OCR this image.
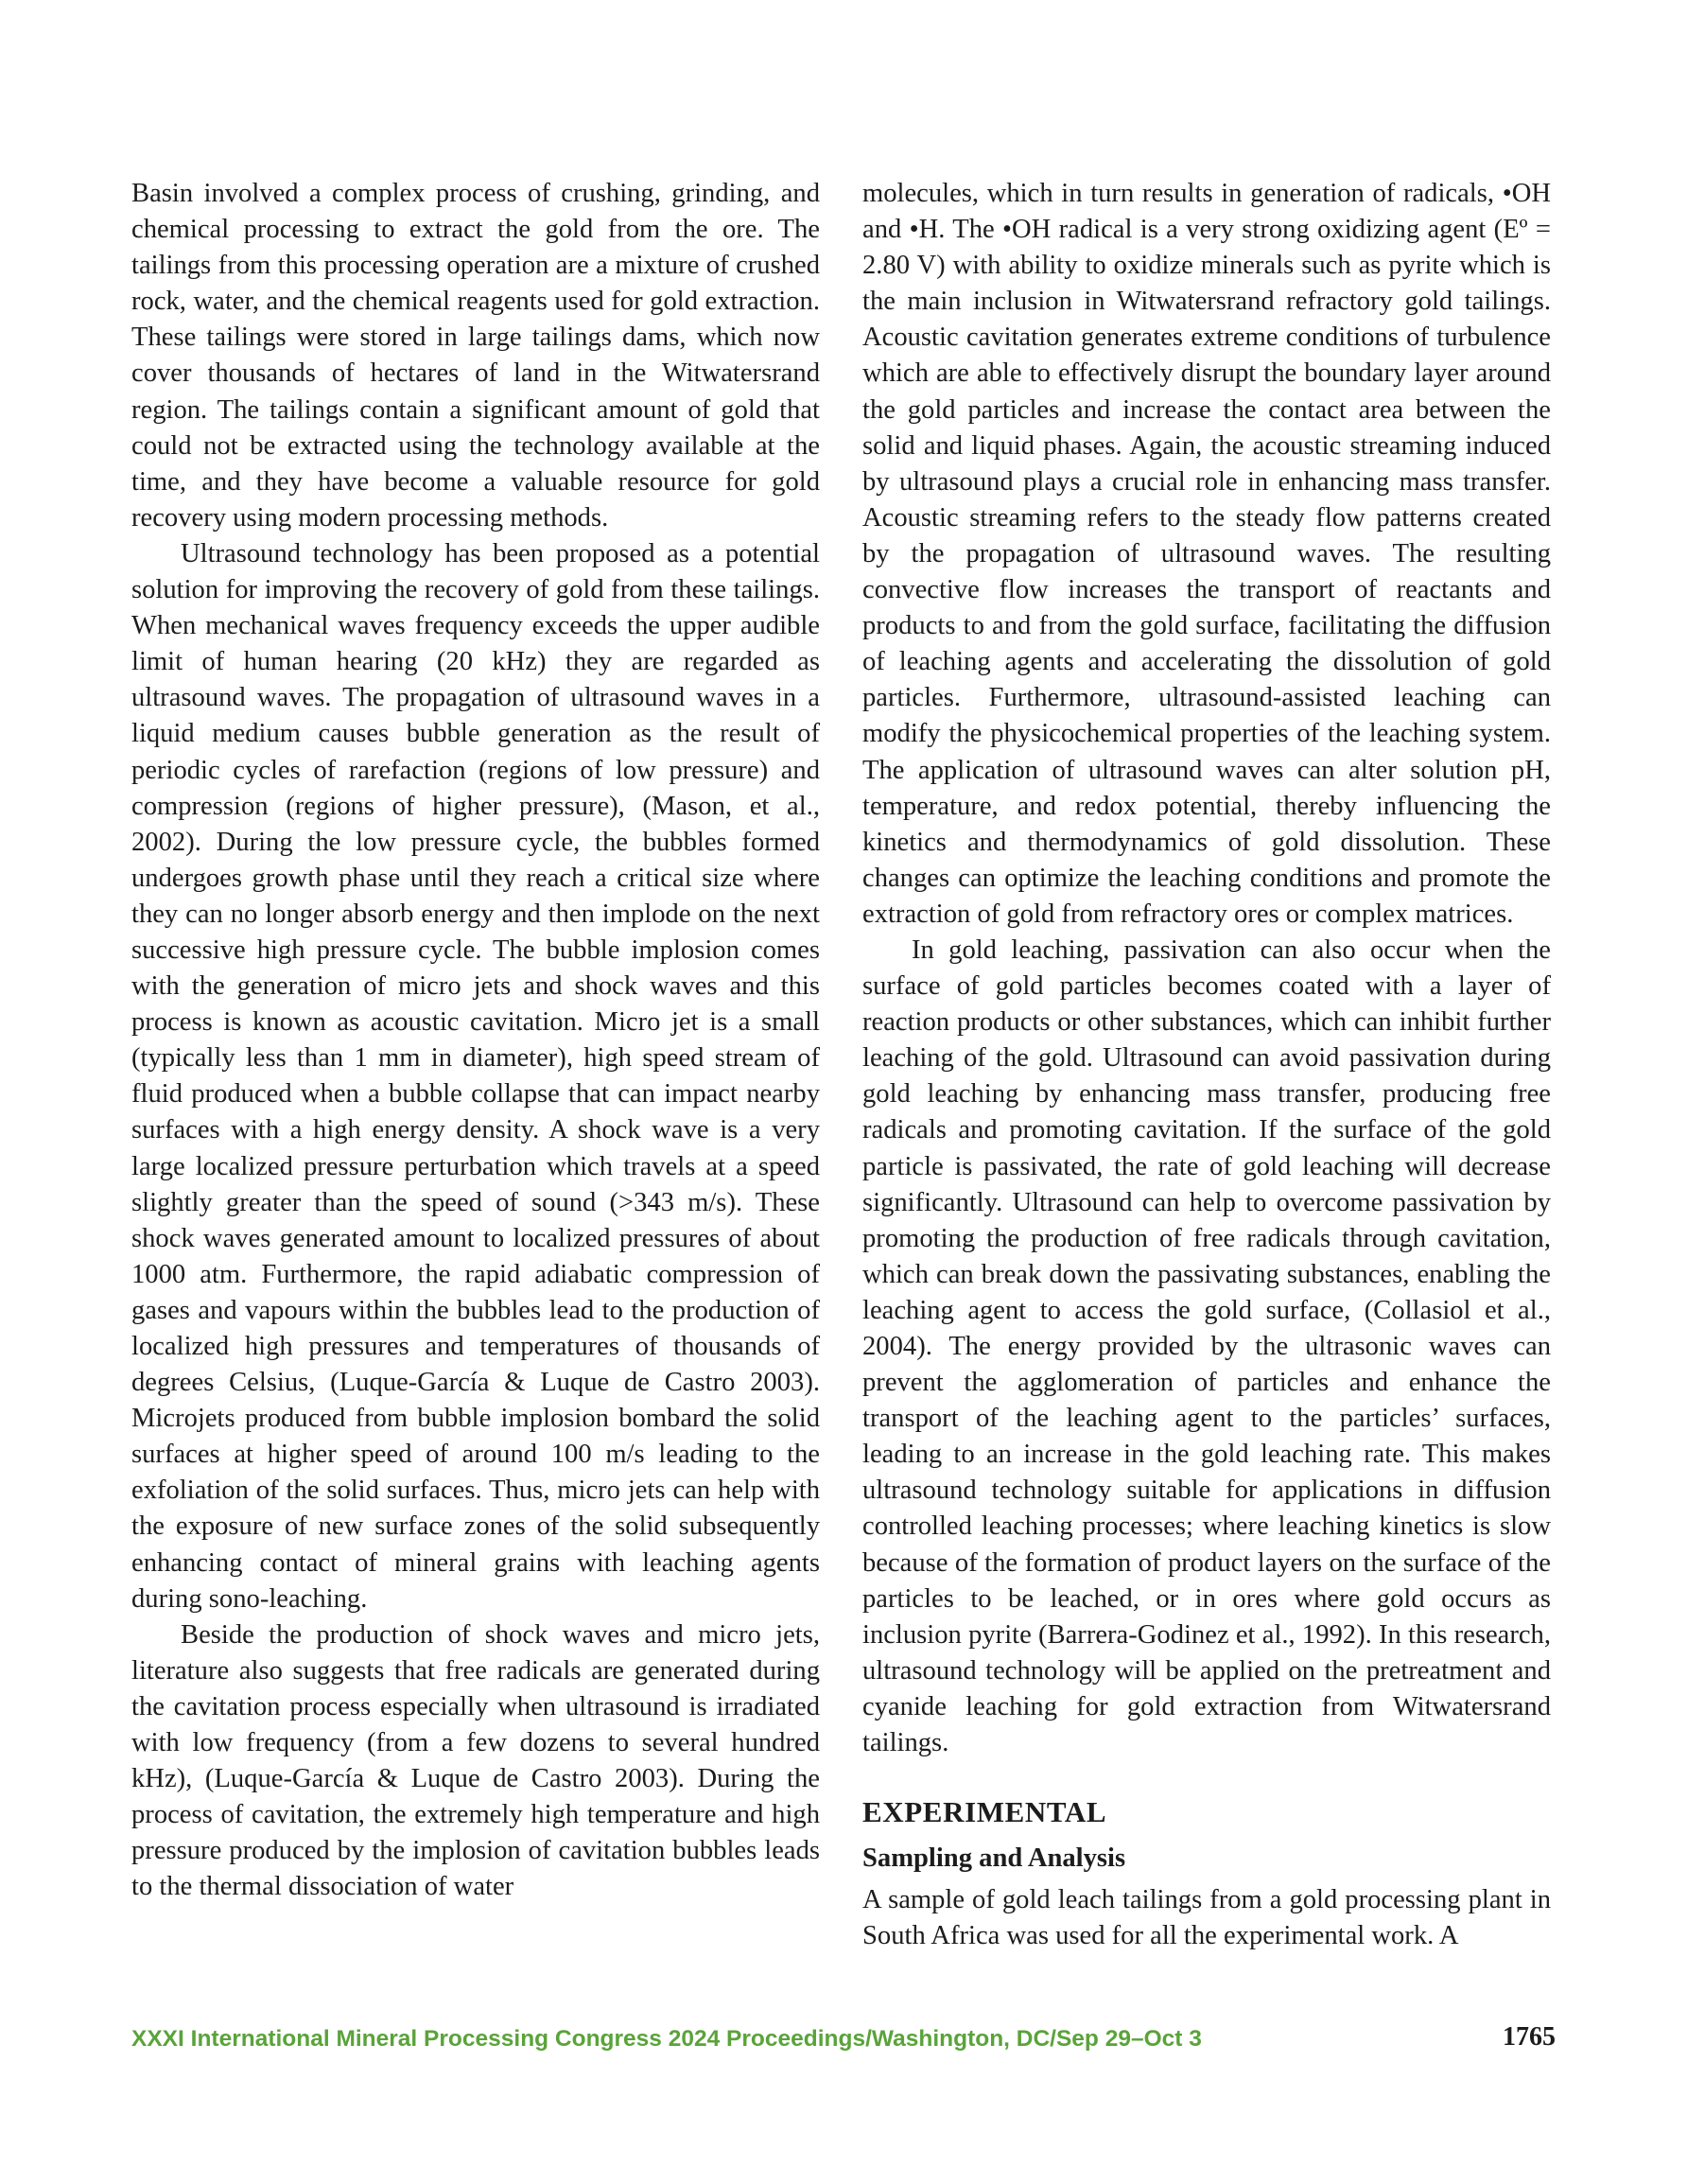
Basin involved a complex process of crushing, grinding, and chemical processing to extract the gold from the ore. The tailings from this processing operation are a mixture of crushed rock, water, and the chemical reagents used for gold extraction. These tailings were stored in large tailings dams, which now cover thousands of hectares of land in the Witwatersrand region. The tailings contain a significant amount of gold that could not be extracted using the technology available at the time, and they have become a valuable resource for gold recovery using modern processing methods.

Ultrasound technology has been proposed as a potential solution for improving the recovery of gold from these tailings. When mechanical waves frequency exceeds the upper audible limit of human hearing (20 kHz) they are regarded as ultrasound waves. The propagation of ultrasound waves in a liquid medium causes bubble generation as the result of periodic cycles of rarefaction (regions of low pressure) and compression (regions of higher pressure), (Mason, et al., 2002). During the low pressure cycle, the bubbles formed undergoes growth phase until they reach a critical size where they can no longer absorb energy and then implode on the next successive high pressure cycle. The bubble implosion comes with the generation of micro jets and shock waves and this process is known as acoustic cavitation. Micro jet is a small (typically less than 1 mm in diameter), high speed stream of fluid produced when a bubble collapse that can impact nearby surfaces with a high energy density. A shock wave is a very large localized pressure perturbation which travels at a speed slightly greater than the speed of sound (>343 m/s). These shock waves generated amount to localized pressures of about 1000 atm. Furthermore, the rapid adiabatic compression of gases and vapours within the bubbles lead to the production of localized high pressures and temperatures of thousands of degrees Celsius, (Luque-García & Luque de Castro 2003). Microjets produced from bubble implosion bombard the solid surfaces at higher speed of around 100 m/s leading to the exfoliation of the solid surfaces. Thus, micro jets can help with the exposure of new surface zones of the solid subsequently enhancing contact of mineral grains with leaching agents during sono-leaching.

Beside the production of shock waves and micro jets, literature also suggests that free radicals are generated during the cavitation process especially when ultrasound is irradiated with low frequency (from a few dozens to several hundred kHz), (Luque-García & Luque de Castro 2003). During the process of cavitation, the extremely high temperature and high pressure produced by the implosion of cavitation bubbles leads to the thermal dissociation of water

molecules, which in turn results in generation of radicals, •OH and •H. The •OH radical is a very strong oxidizing agent (Eº = 2.80 V) with ability to oxidize minerals such as pyrite which is the main inclusion in Witwatersrand refractory gold tailings. Acoustic cavitation generates extreme conditions of turbulence which are able to effectively disrupt the boundary layer around the gold particles and increase the contact area between the solid and liquid phases. Again, the acoustic streaming induced by ultrasound plays a crucial role in enhancing mass transfer. Acoustic streaming refers to the steady flow patterns created by the propagation of ultrasound waves. The resulting convective flow increases the transport of reactants and products to and from the gold surface, facilitating the diffusion of leaching agents and accelerating the dissolution of gold particles. Furthermore, ultrasound-assisted leaching can modify the physicochemical properties of the leaching system. The application of ultrasound waves can alter solution pH, temperature, and redox potential, thereby influencing the kinetics and thermodynamics of gold dissolution. These changes can optimize the leaching conditions and promote the extraction of gold from refractory ores or complex matrices.

In gold leaching, passivation can also occur when the surface of gold particles becomes coated with a layer of reaction products or other substances, which can inhibit further leaching of the gold. Ultrasound can avoid passivation during gold leaching by enhancing mass transfer, producing free radicals and promoting cavitation. If the surface of the gold particle is passivated, the rate of gold leaching will decrease significantly. Ultrasound can help to overcome passivation by promoting the production of free radicals through cavitation, which can break down the passivating substances, enabling the leaching agent to access the gold surface, (Collasiol et al., 2004). The energy provided by the ultrasonic waves can prevent the agglomeration of particles and enhance the transport of the leaching agent to the particles’ surfaces, leading to an increase in the gold leaching rate. This makes ultrasound technology suitable for applications in diffusion controlled leaching processes; where leaching kinetics is slow because of the formation of product layers on the surface of the particles to be leached, or in ores where gold occurs as inclusion pyrite (Barrera-Godinez et al., 1992). In this research, ultrasound technology will be applied on the pretreatment and cyanide leaching for gold extraction from Witwatersrand tailings.

EXPERIMENTAL
Sampling and Analysis

A sample of gold leach tailings from a gold processing plant in South Africa was used for all the experimental work. A

XXXI International Mineral Processing Congress 2024 Proceedings/Washington, DC/Sep 29–Oct 3	1765
